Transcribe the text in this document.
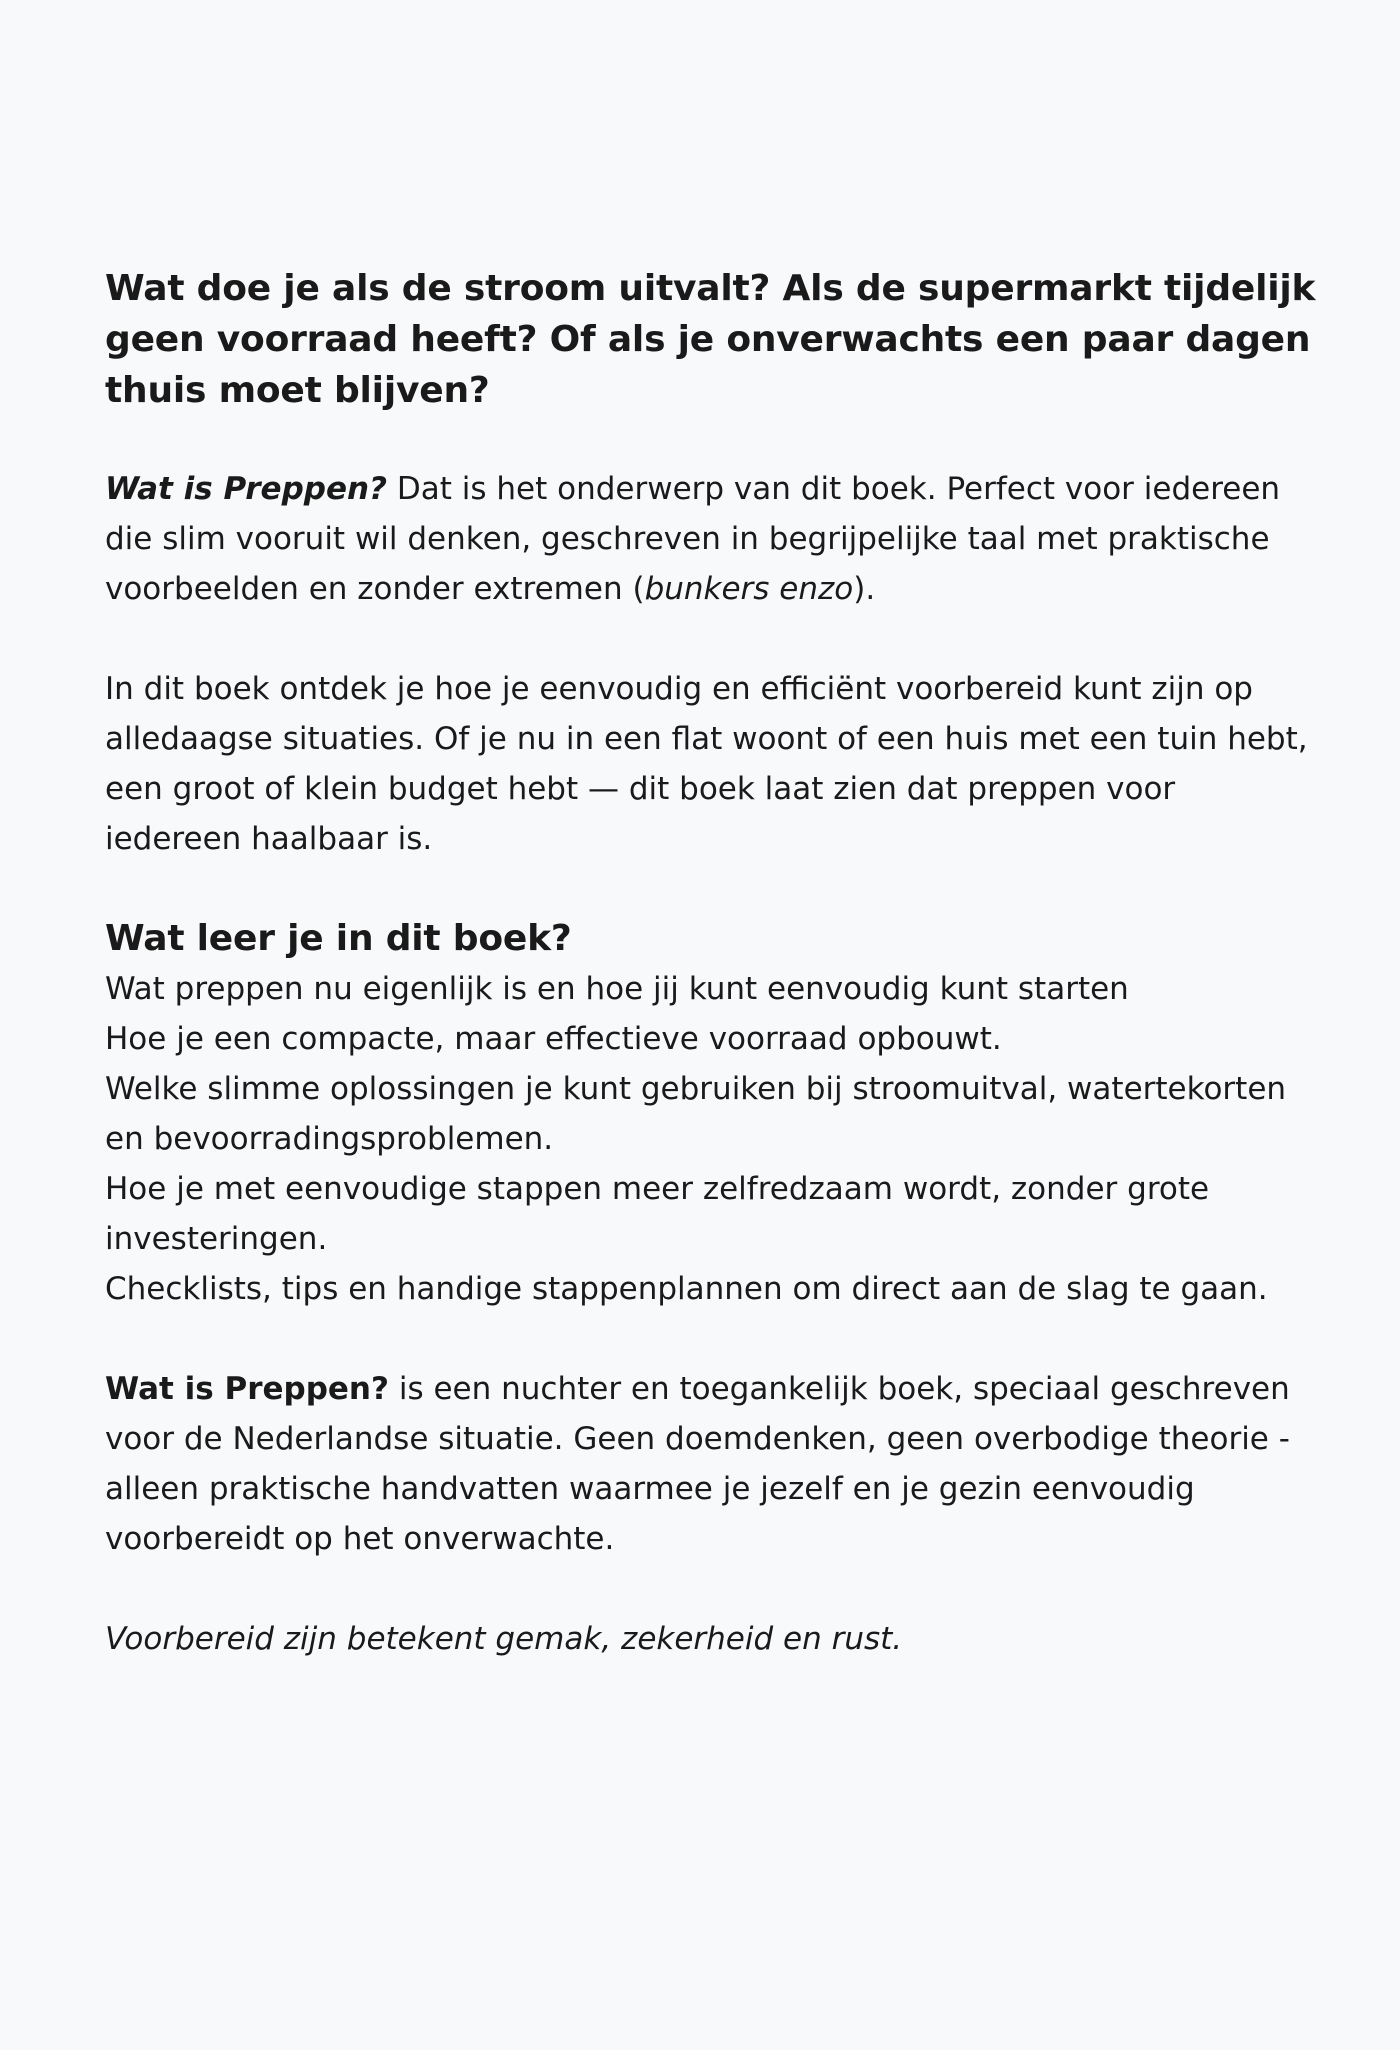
Wat doe je als de stroom uitvalt? Als de supermarkt tijdelijk geen voorraad heeft? Of als je onverwachts een paar dagen thuis moet blijven?

Wat is Preppen? Dat is het onderwerp van dit boek. Perfect voor iedereen die slim vooruit wil denken, geschreven in begrijpelijke taal met praktische voorbeelden en zonder extremen (bunkers enzo).

In dit boek ontdek je hoe je eenvoudig en efficiënt voorbereid kunt zijn op alledaagse situaties. Of je nu in een flat woont of een huis met een tuin hebt, een groot of klein budget hebt — dit boek laat zien dat preppen voor iedereen haalbaar is.

Wat leer je in dit boek?
Wat preppen nu eigenlijk is en hoe jij kunt eenvoudig kunt starten
Hoe je een compacte, maar effectieve voorraad opbouwt.
Welke slimme oplossingen je kunt gebruiken bij stroomuitval, watertekorten en bevoorradingsproblemen.
Hoe je met eenvoudige stappen meer zelfredzaam wordt, zonder grote investeringen.
Checklists, tips en handige stappenplannen om direct aan de slag te gaan.

Wat is Preppen? is een nuchter en toegankelijk boek, speciaal geschreven voor de Nederlandse situatie. Geen doemdenken, geen overbodige theorie - alleen praktische handvatten waarmee je jezelf en je gezin eenvoudig voorbereidt op het onverwachte.

Voorbereid zijn betekent gemak, zekerheid en rust.
